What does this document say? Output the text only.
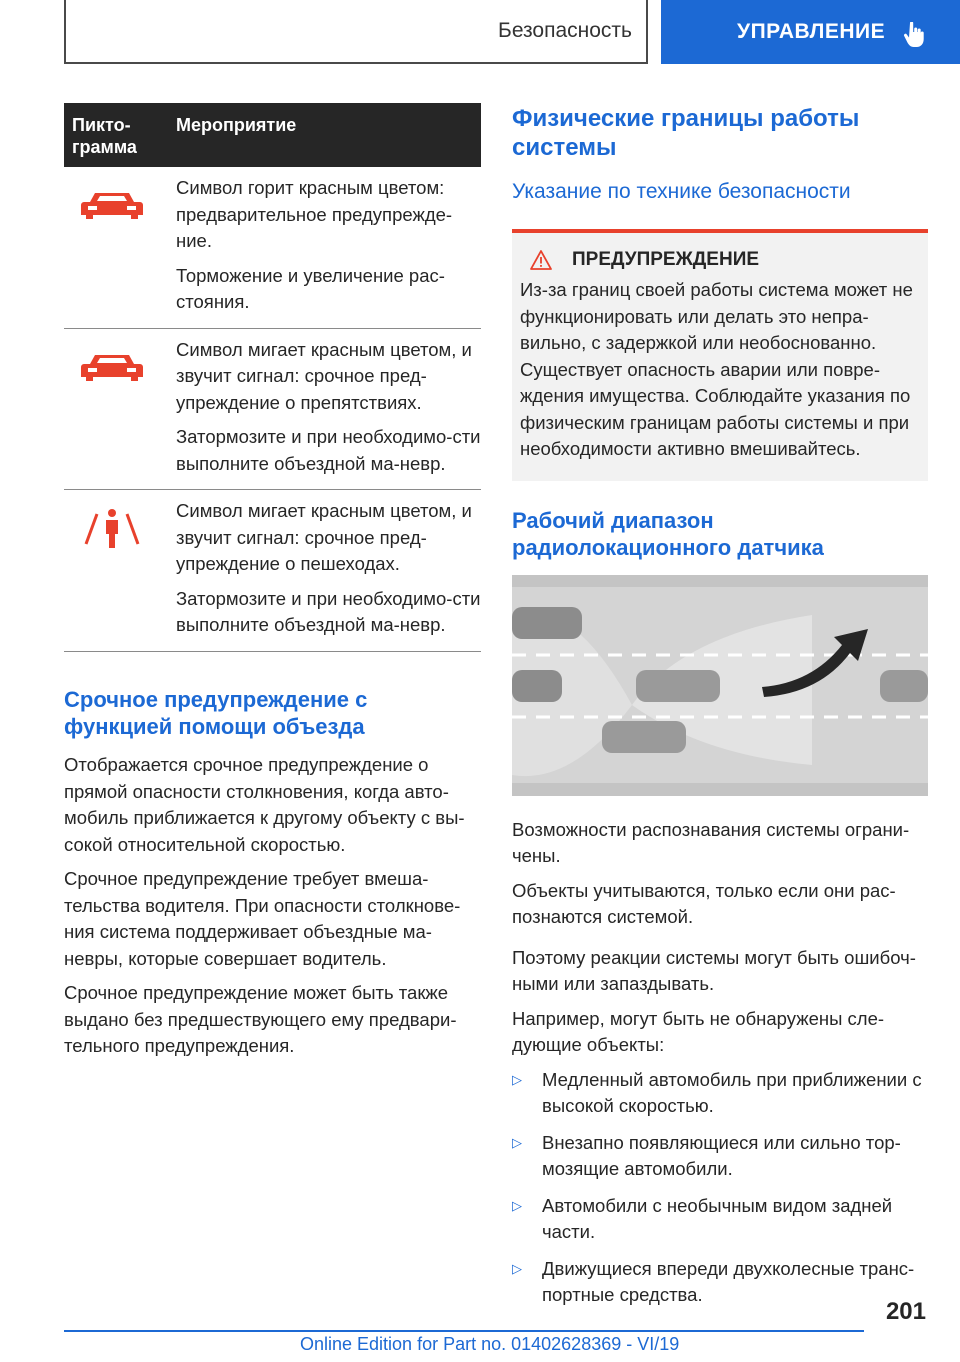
Безопасность	УПРАВЛЕНИЕ
Пикто-
грамма
Мероприятие

Символ горит красным цветом: предварительное предупрежде-ние.

Торможение и увеличение рас-стояния.

Символ мигает красным цветом, и звучит сигнал: срочное пред-упреждение о препятствиях.

Затормозите и при необходимо-сти выполните объездной ма-невр.

Символ мигает красным цветом, и звучит сигнал: срочное пред-упреждение о пешеходах.

Затормозите и при необходимо-сти выполните объездной ма-невр.

Срочное предупреждение с функцией помощи объезда

Отображается срочное предупреждение о прямой опасности столкновения, когда авто-мобиль приближается к другому объекту с вы-сокой относительной скоростью.

Срочное предупреждение требует вмеша-тельства водителя. При опасности столкнове-ния система поддерживает объездные ма-невры, которые совершает водитель.

Срочное предупреждение может быть также выдано без предшествующего ему предвари-тельного предупреждения.

Физические границы работы системы
Указание по технике безопасности
ПРЕДУПРЕЖДЕНИЕ

Из-за границ своей работы система может не функционировать или делать это непра-вильно, с задержкой или необоснованно. Существует опасность аварии или повре-ждения имущества. Соблюдайте указания по физическим границам работы системы и при необходимости активно вмешивайтесь.

Рабочий диапазон радиолокационного датчика

Возможности распознавания системы ограни-чены.

Объекты учитываются, только если они рас-познаются системой.

Поэтому реакции системы могут быть ошибоч-ными или запаздывать.

Например, могут быть не обнаружены сле-дующие объекты:

▷ Медленный автомобиль при приближении с высокой скоростью.
▷ Внезапно появляющиеся или сильно тор-мозящие автомобили.
▷ Автомобили с необычным видом задней части.
▷ Движущиеся впереди двухколесные транс-портные средства.
201
Online Edition for Part no. 01402628369 - VI/19
